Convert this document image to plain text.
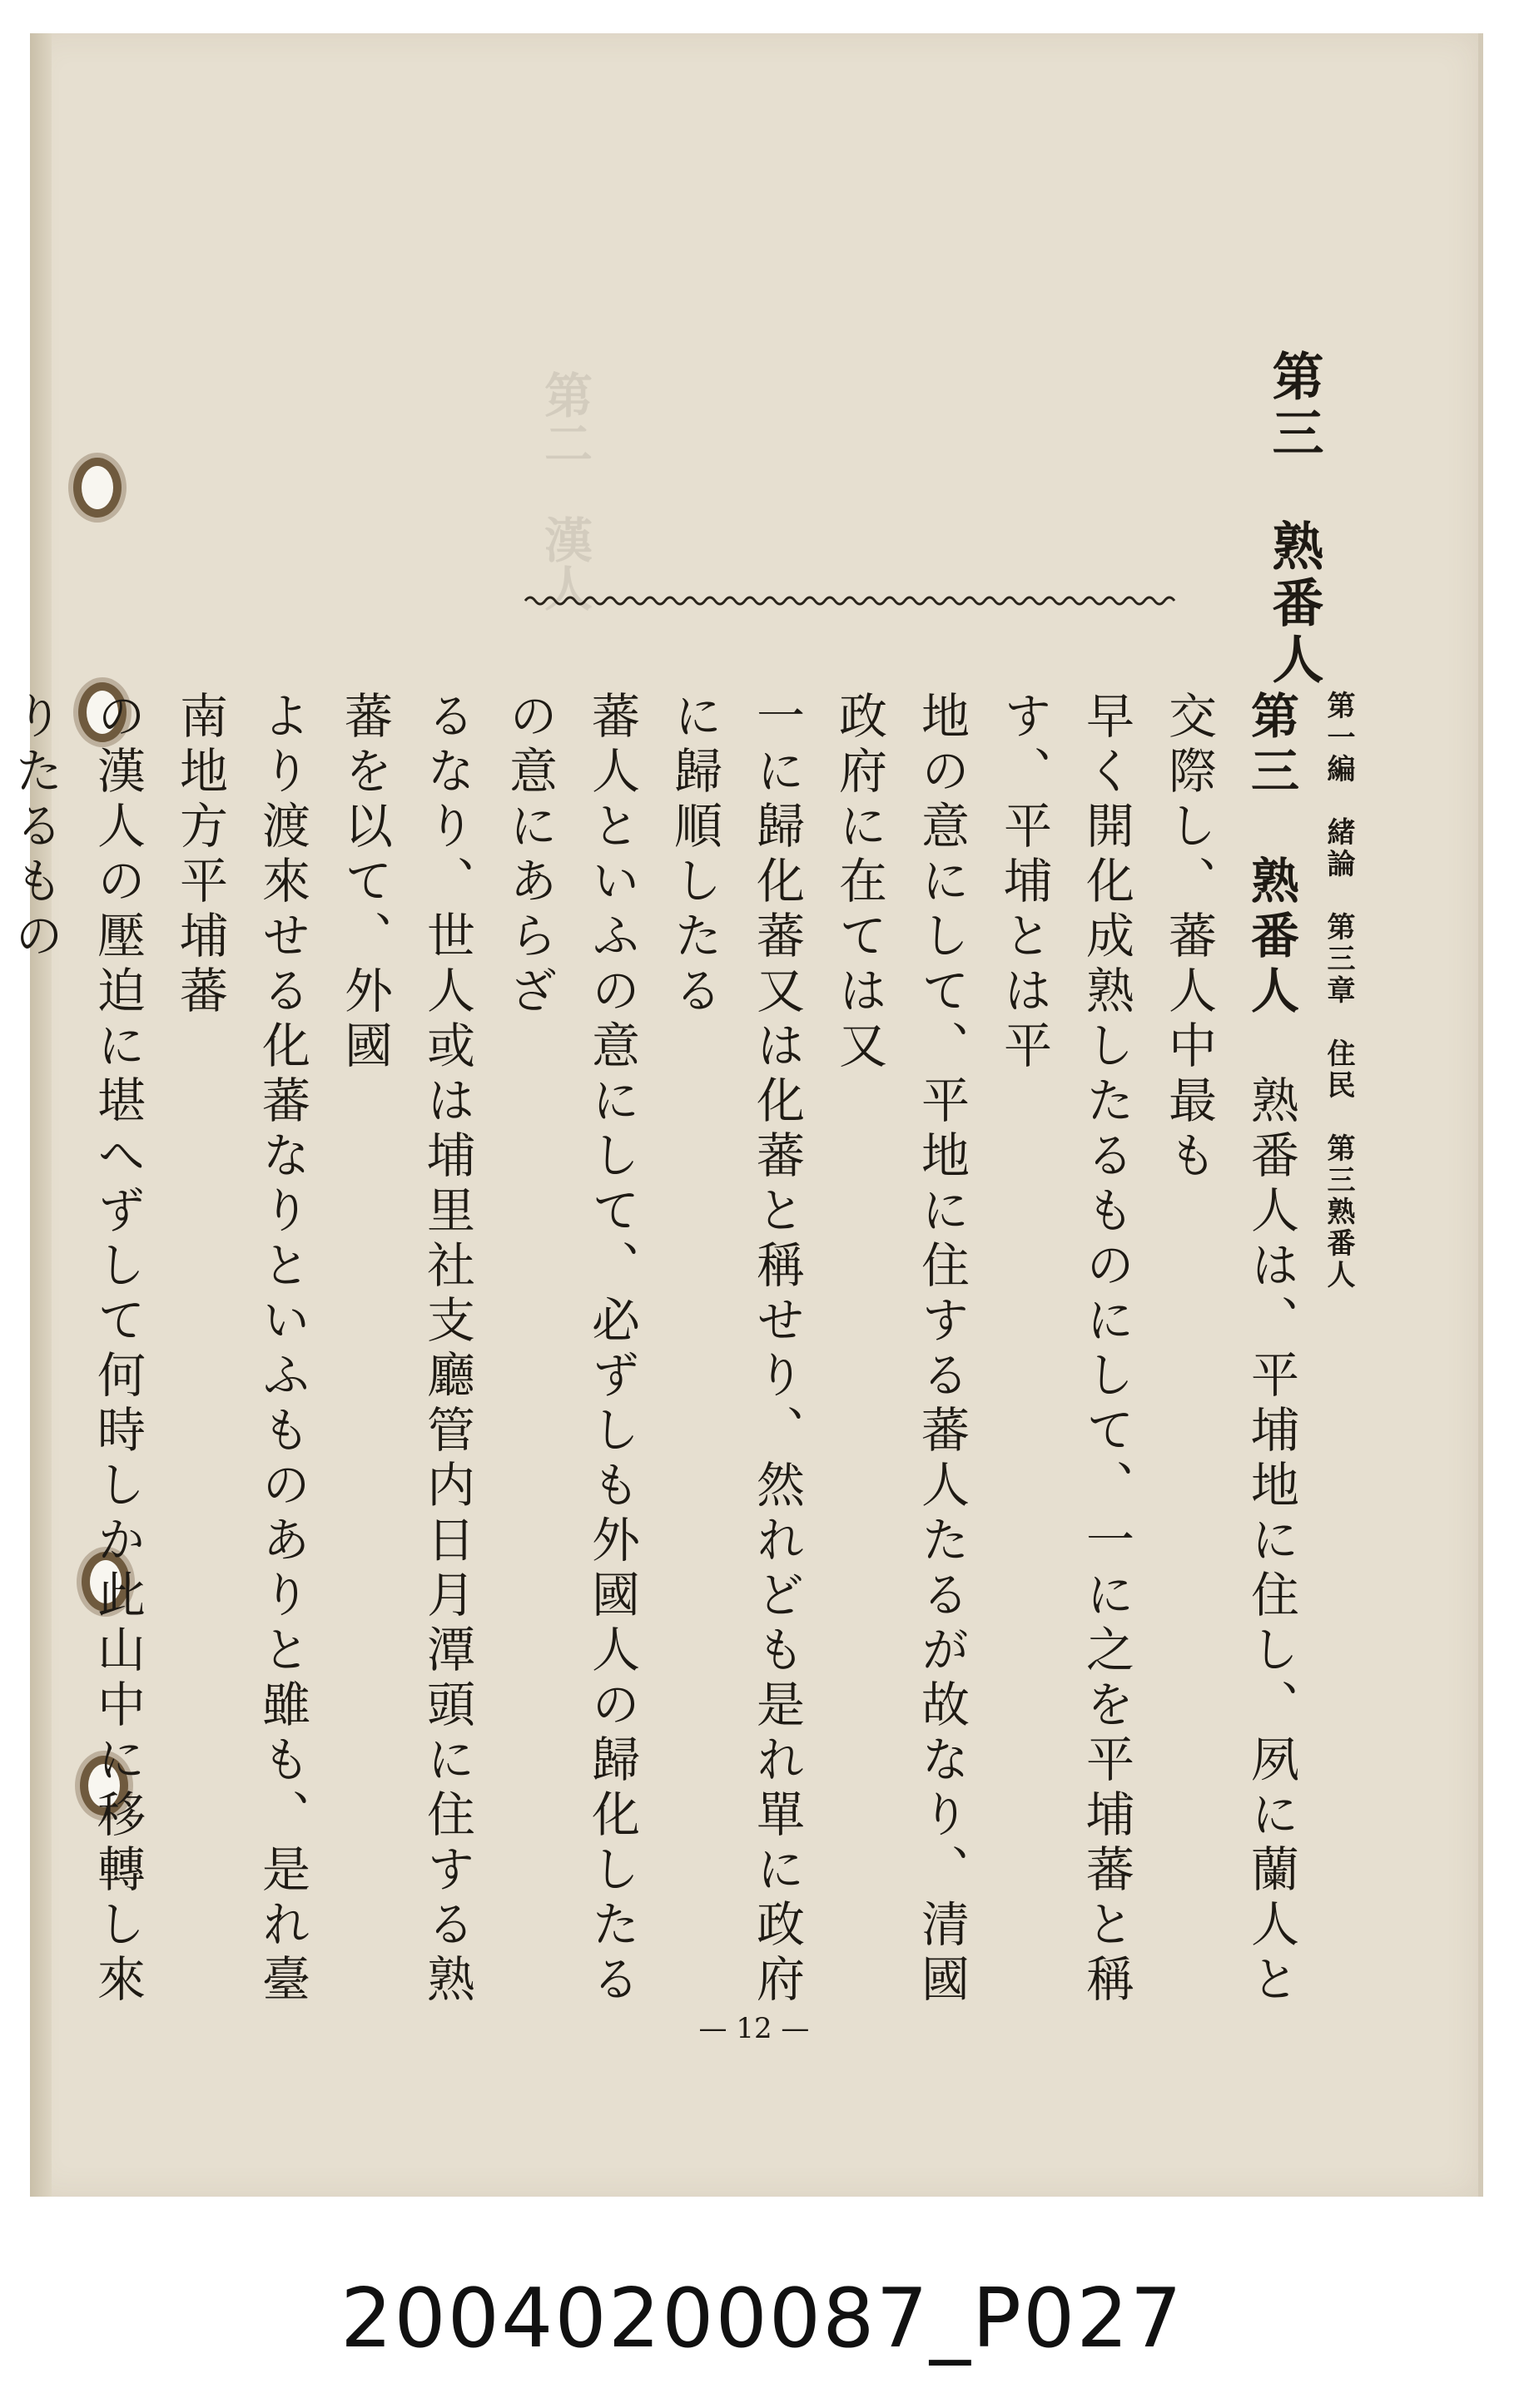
第二　漢人
第一編　緒論　第三章　住民　第三熟番人
第三　熟番人

第三　熟番人　熟番人は、平埔地に住し、夙に蘭人と交際し、蕃人中最も

早く開化成熟したるものにして、一に之を平埔蕃と稱す、平埔とは平

地の意にして、平地に住する蕃人たるが故なり、清國政府に在ては又

一に歸化蕃又は化蕃と稱せり、然れども是れ單に政府に歸順したる

蕃人といふの意にして、必ずしも外國人の歸化したるの意にあらざ

るなり、世人或は埔里社支廳管内日月潭頭に住する熟蕃を以て、外國

より渡來せる化蕃なりといふものありと雖も、是れ臺南地方平埔蕃

の漢人の壓迫に堪へずして何時しか此山中に移轉し來りたるもの

— 12 —
20040200087_P027
